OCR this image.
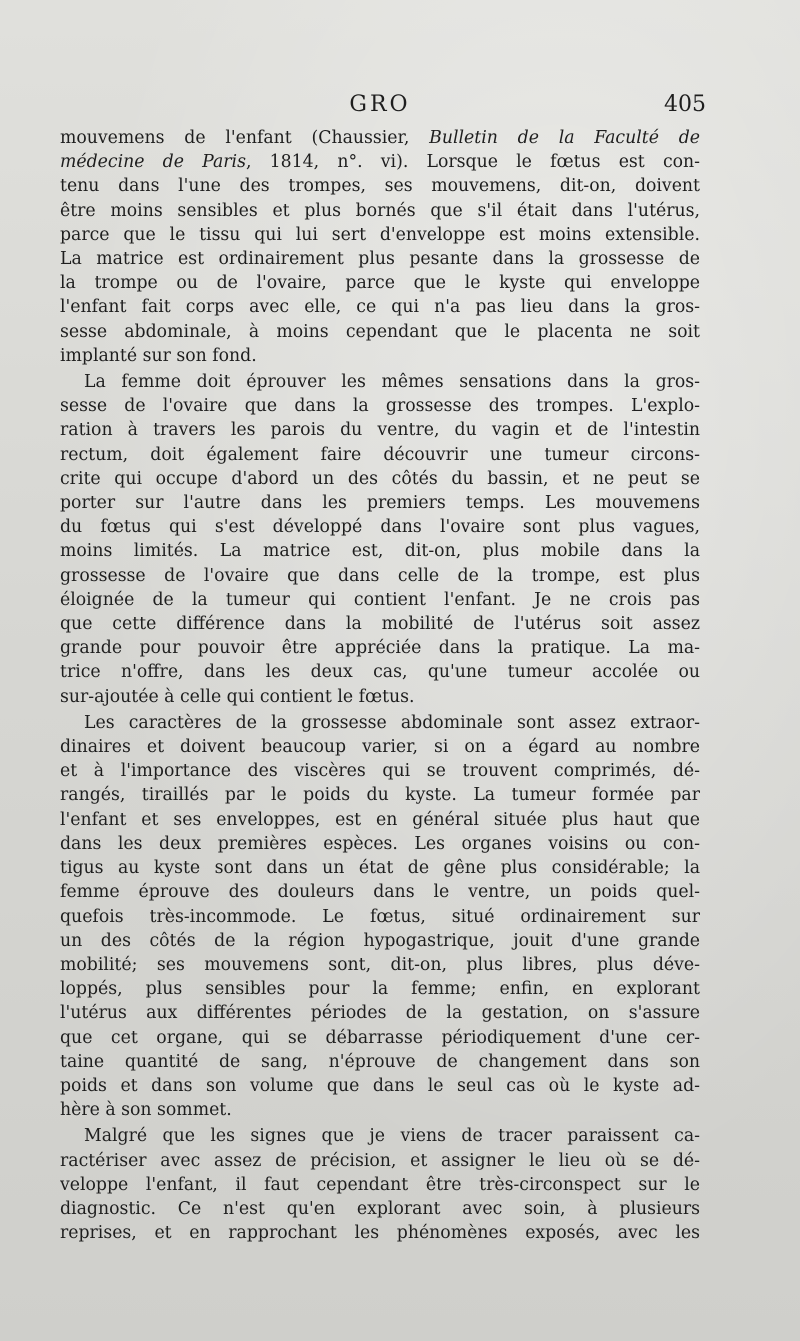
GRO	405
mouvemens de l'enfant (Chaussier, Bulletin de la Faculté de
médecine de Paris, 1814, n°. vi). Lorsque le fœtus est con-
tenu dans l'une des trompes, ses mouvemens, dit-on, doivent
être moins sensibles et plus bornés que s'il était dans l'utérus,
parce que le tissu qui lui sert d'enveloppe est moins extensible.
La matrice est ordinairement plus pesante dans la grossesse de
la trompe ou de l'ovaire, parce que le kyste qui enveloppe
l'enfant fait corps avec elle, ce qui n'a pas lieu dans la gros-
sesse abdominale, à moins cependant que le placenta ne soit
implanté sur son fond.
La femme doit éprouver les mêmes sensations dans la gros-
sesse de l'ovaire que dans la grossesse des trompes. L'explo-
ration à travers les parois du ventre, du vagin et de l'intestin
rectum, doit également faire découvrir une tumeur circons-
crite qui occupe d'abord un des côtés du bassin, et ne peut se
porter sur l'autre dans les premiers temps. Les mouvemens
du fœtus qui s'est développé dans l'ovaire sont plus vagues,
moins limités. La matrice est, dit-on, plus mobile dans la
grossesse de l'ovaire que dans celle de la trompe, est plus
éloignée de la tumeur qui contient l'enfant. Je ne crois pas
que cette différence dans la mobilité de l'utérus soit assez
grande pour pouvoir être appréciée dans la pratique. La ma-
trice n'offre, dans les deux cas, qu'une tumeur accolée ou
sur-ajoutée à celle qui contient le fœtus.
Les caractères de la grossesse abdominale sont assez extraor-
dinaires et doivent beaucoup varier, si on a égard au nombre
et à l'importance des viscères qui se trouvent comprimés, dé-
rangés, tiraillés par le poids du kyste. La tumeur formée par
l'enfant et ses enveloppes, est en général située plus haut que
dans les deux premières espèces. Les organes voisins ou con-
tigus au kyste sont dans un état de gêne plus considérable; la
femme éprouve des douleurs dans le ventre, un poids quel-
quefois très-incommode. Le fœtus, situé ordinairement sur
un des côtés de la région hypogastrique, jouit d'une grande
mobilité; ses mouvemens sont, dit-on, plus libres, plus déve-
loppés, plus sensibles pour la femme; enfin, en explorant
l'utérus aux différentes périodes de la gestation, on s'assure
que cet organe, qui se débarrasse périodiquement d'une cer-
taine quantité de sang, n'éprouve de changement dans son
poids et dans son volume que dans le seul cas où le kyste ad-
hère à son sommet.
Malgré que les signes que je viens de tracer paraissent ca-
ractériser avec assez de précision, et assigner le lieu où se dé-
veloppe l'enfant, il faut cependant être très-circonspect sur le
diagnostic. Ce n'est qu'en explorant avec soin, à plusieurs
reprises, et en rapprochant les phénomènes exposés, avec les
